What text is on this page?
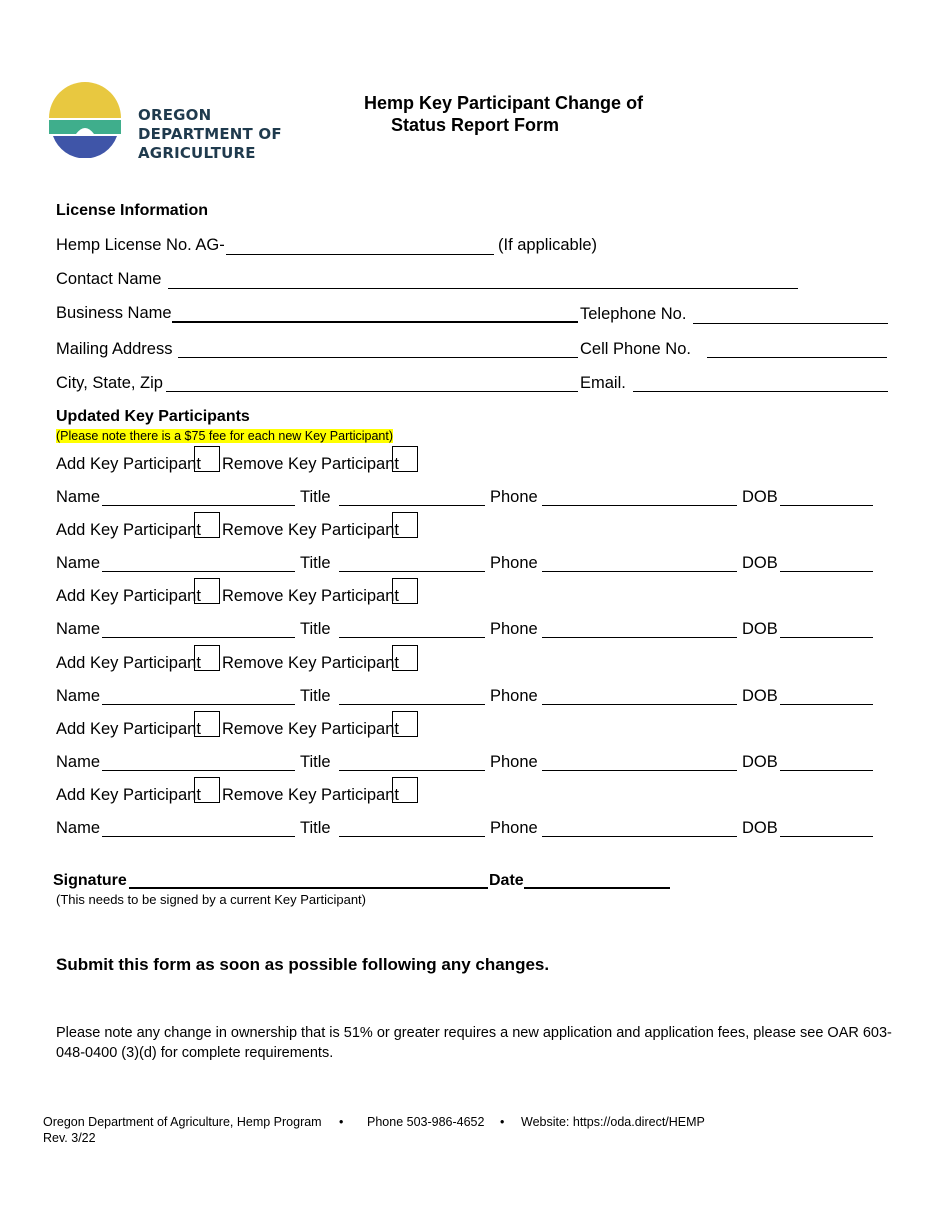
OREGON
DEPARTMENT OF
AGRICULTURE
Hemp Key Participant Change of
Status Report Form
License Information
Hemp License No. AG-	(If applicable)
Contact Name
Business Name	Telephone No.
Mailing Address	Cell Phone No.
City, State, Zip	Email.
Updated Key Participants
(Please note there is a $75 fee for each new Key Participant)
Add Key Participant Remove Key Participant
Name	Title	Phone	DOB
Add Key Participant Remove Key Participant
Name	Title	Phone	DOB
Add Key Participant Remove Key Participant
Name	Title	Phone	DOB
Add Key Participant Remove Key Participant
Name	Title	Phone	DOB
Add Key Participant Remove Key Participant
Name	Title	Phone	DOB
Add Key Participant Remove Key Participant
Name	Title	Phone	DOB
Signature	Date
(This needs to be signed by a current Key Participant)
Submit this form as soon as possible following any changes.
Please note any change in ownership that is 51% or greater requires a new application and application fees, please see OAR 603-048-0400 (3)(d) for complete requirements.
Oregon Department of Agriculture, Hemp Program • Phone 503-986-4652 • Website: https://oda.direct/HEMP
Rev. 3/22
